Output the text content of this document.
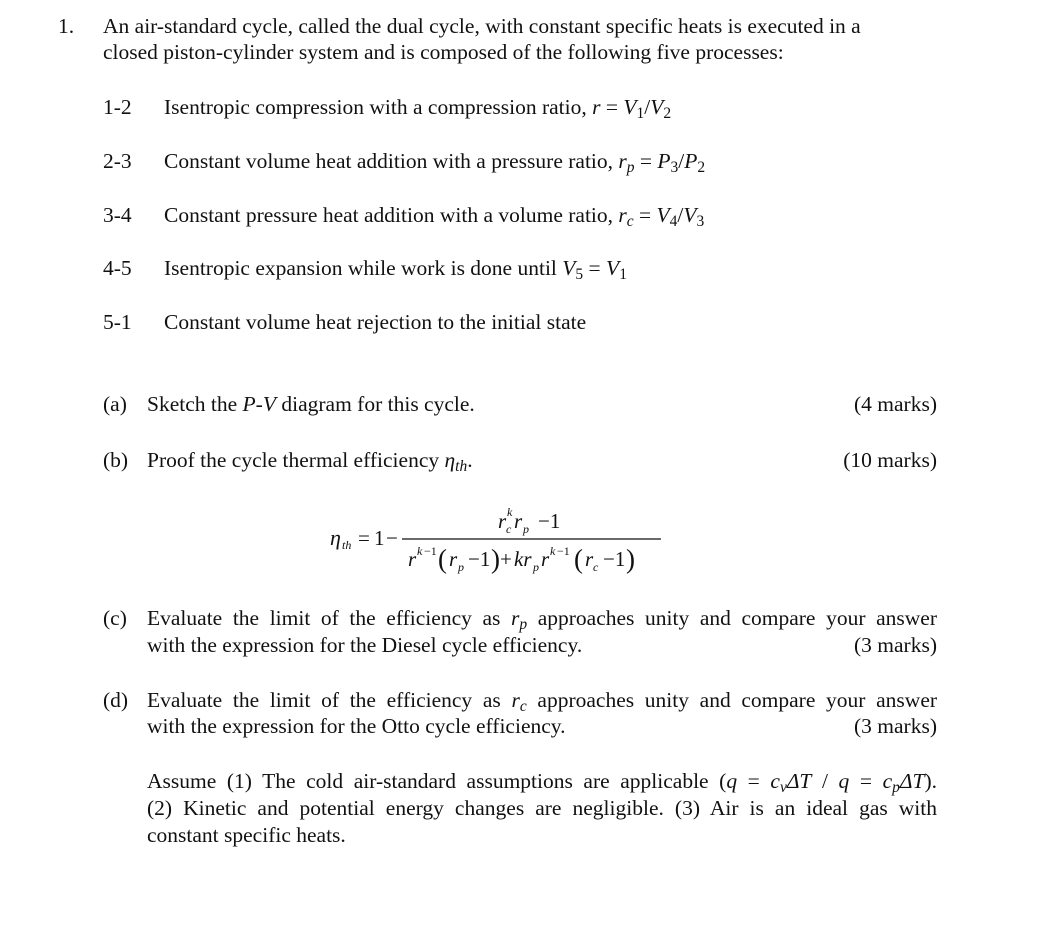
1. An air-standard cycle, called the dual cycle, with constant specific heats is executed in a
closed piston-cylinder system and is composed of the following five processes:
1-2 Isentropic compression with a compression ratio, $r = V_1/V_2$
2-3 Constant volume heat addition with a pressure ratio, $r_p = P_3/P_2$
3-4 Constant pressure heat addition with a volume ratio, $r_c = V_4/V_3$
4-5 Isentropic expansion while work is done until $V_5 = V_1$
5-1 Constant volume heat rejection to the initial state
(a) Sketch the P-V diagram for this cycle.	(4 marks)
(b) Proof the cycle thermal efficiency $\eta_{th}$.	(10 marks)
η th = 1 −
r k
c r p −1
r k −1 ( r p −1 ) + kr p r k −1 ( r c −1 )
(c) Evaluate the limit of the efficiency as $r_p$ approaches unity and compare your answer
with the expression for the Diesel cycle efficiency.	(3 marks)
(d) Evaluate the limit of the efficiency as $r_c$ approaches unity and compare your answer
with the expression for the Otto cycle efficiency.	(3 marks)
Assume (1) The cold air-standard assumptions are applicable $(q = c_v\Delta T / q = c_p\Delta T)$.
(2) Kinetic and potential energy changes are negligible. (3) Air is an ideal gas with
constant specific heats.
